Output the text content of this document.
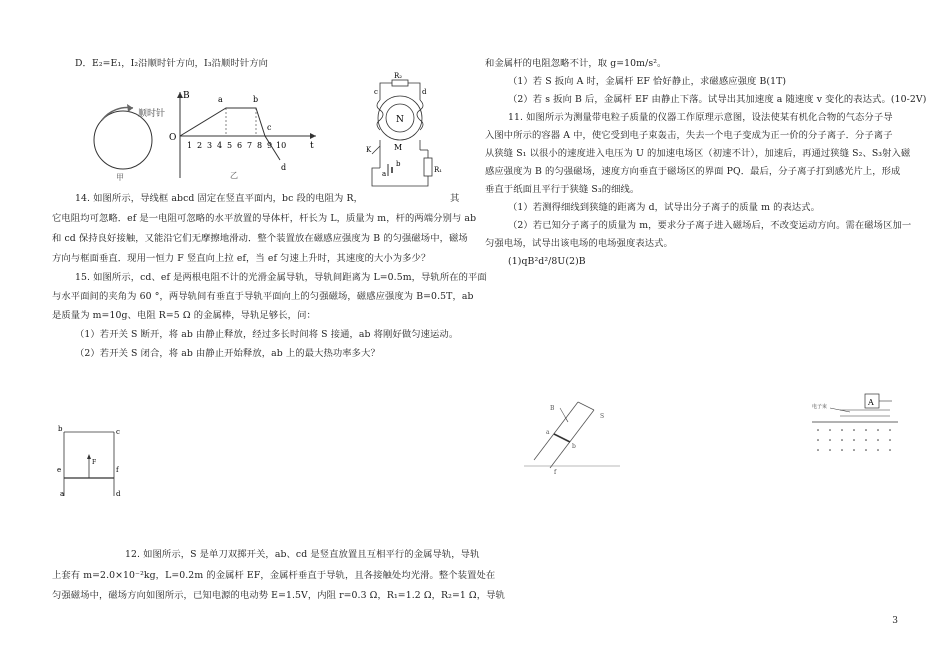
D．E₂=E₁，I₂沿顺时针方向，I₃沿顺时针方向
顺时针
甲
B
t
O
1 2 3 4 5 6 7 8 9 10
a	b
c
d
乙
R₂
c	d
N
M
K
R₁
b
a
14. 如图所示，导线框 abcd 固定在竖直平面内，bc 段的电阻为 R，	其
它电阻均可忽略．ef 是一电阻可忽略的水平放置的导体杆，杆长为 L，质量为 m，杆的两端分别与 ab
和 cd 保持良好接触，又能沿它们无摩擦地滑动．整个装置放在磁感应强度为 B 的匀强磁场中，磁场
方向与框面垂直．现用一恒力 F 竖直向上拉 ef，当 ef 匀速上升时，其速度的大小为多少？
15. 如图所示，cd、ef 是两根电阻不计的光滑金属导轨，导轨间距离为 L=0.5m，导轨所在的平面
与水平面间的夹角为 60 °，两导轨间有垂直于导轨平面向上的匀强磁场，磁感应强度为 B=0.5T，ab
是质量为 m=10g、电阻 R=5 Ω 的金属棒，导轨足够长，问：
（1）若开关 S 断开，将 ab 由静止释放，经过多长时间将 S 接通，ab 将刚好做匀速运动。
（2）若开关 S 闭合，将 ab 由静止开始释放，ab 上的最大热功率多大？
F
b	c
e	f
a	d
12. 如图所示，S 是单刀双掷开关，ab、cd 是竖直放置且互相平行的金属导轨，导轨
上套有 m=2.0×10⁻²kg，L=0.2m 的金属杆 EF，金属杆垂直于导轨，且各接触处均光滑。整个装置处在
匀强磁场中，磁场方向如图所示，已知电源的电动势 E=1.5V，内阻 r=0.3 Ω，R₁=1.2 Ω，R₂=1 Ω，导轨
和金属杆的电阻忽略不计，取 g=10m/s²。
（1）若 S 扳向 A 时，金属杆 EF 恰好静止，求磁感应强度 B(1T)
（2）若 s 扳向 B 后，金属杆 EF 由静止下落。试导出其加速度 a 随速度 v 变化的表达式。(10-2V)
11. 如图所示为测量带电粒子质量的仪器工作原理示意图，设法使某有机化合物的气态分子导
入图中所示的容器 A 中，使它受到电子束轰击，失去一个电子变成为正一价的分子离子．分子离子
从狭缝 S₁ 以很小的速度进入电压为 U 的加速电场区（初速不计），加速后，再通过狭缝 S₂、S₃射入磁
感应强度为 B 的匀强磁场，速度方向垂直于磁场区的界面 PQ．最后，分子离子打到感光片上，形成
垂直于纸面且平行于狭缝 S₃的细线。
（1）若测得细线到狭缝的距离为 d，试导出分子离子的质量 m 的表达式。
（2）若已知分子离子的质量为 m，要求分子离子进入磁场后，不改变运动方向。需在磁场区加一
匀强电场，试导出该电场的电场强度表达式。
(1)qB²d²/8U(2)B
B
a
b
S
f
A
电子束
3
